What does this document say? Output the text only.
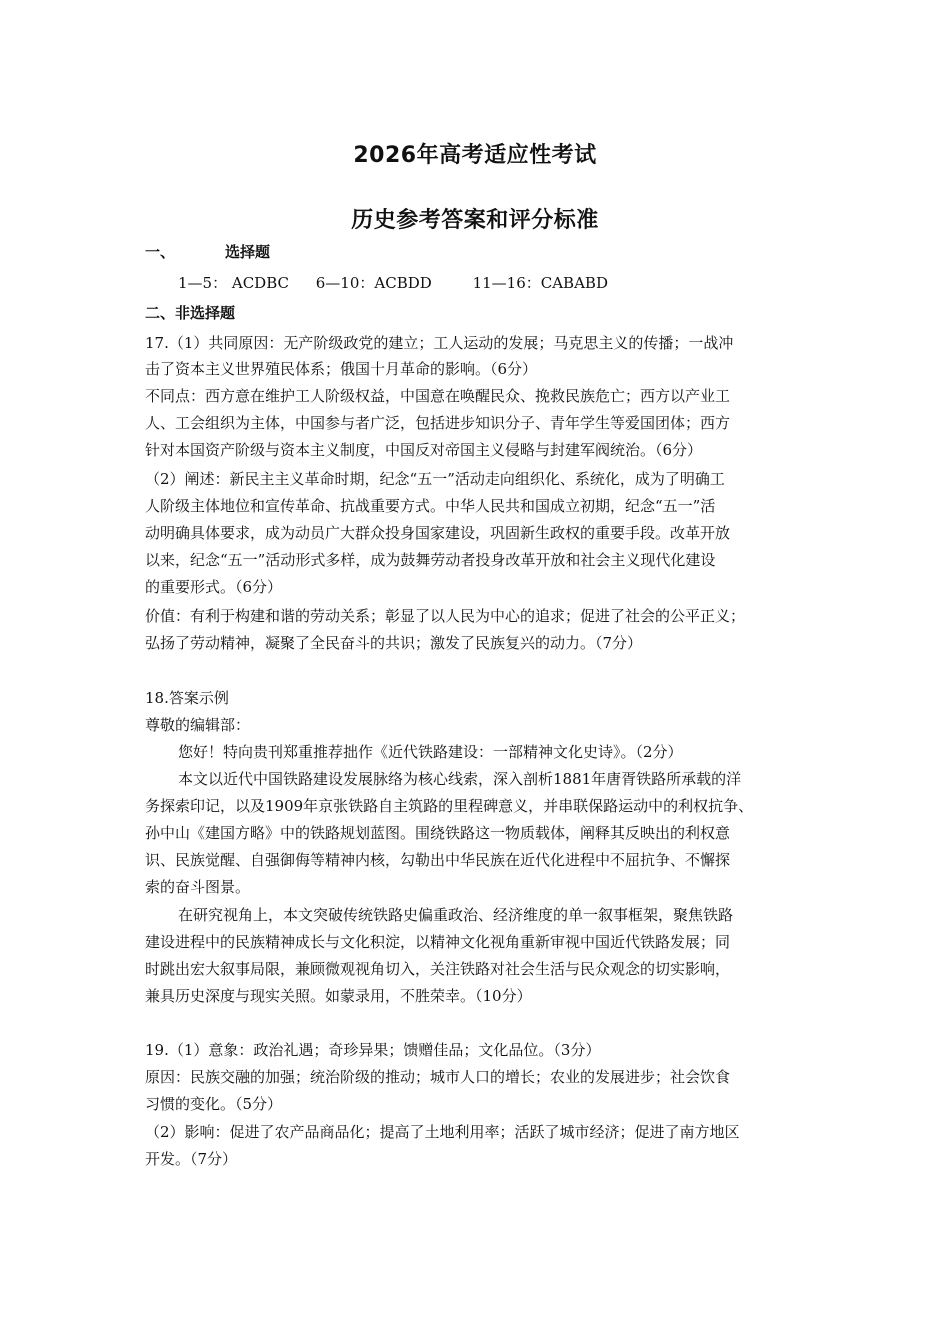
2026年高考适应性考试
历史参考答案和评分标准
一、	选择题
1—5： ACDBC 6—10：ACBDD	11—16：CABABD
二、非选择题
17.（1）共同原因：无产阶级政党的建立；工人运动的发展；马克思主义的传播；一战冲
击了资本主义世界殖民体系；俄国十月革命的影响。（6分）
不同点：西方意在维护工人阶级权益，中国意在唤醒民众、挽救民族危亡；西方以产业工
人、工会组织为主体，中国参与者广泛，包括进步知识分子、青年学生等爱国团体；西方
针对本国资产阶级与资本主义制度，中国反对帝国主义侵略与封建军阀统治。（6分）
（2）阐述：新民主主义革命时期，纪念“五一”活动走向组织化、系统化，成为了明确工
人阶级主体地位和宣传革命、抗战重要方式。中华人民共和国成立初期，纪念“五一”活
动明确具体要求，成为动员广大群众投身国家建设，巩固新生政权的重要手段。改革开放
以来，纪念“五一”活动形式多样，成为鼓舞劳动者投身改革开放和社会主义现代化建设
的重要形式。（6分）
价值：有利于构建和谐的劳动关系；彰显了以人民为中心的追求；促进了社会的公平正义；
弘扬了劳动精神，凝聚了全民奋斗的共识；激发了民族复兴的动力。（7分）
18.答案示例
尊敬的编辑部：
您好！特向贵刊郑重推荐拙作《近代铁路建设：一部精神文化史诗》。（2分）
本文以近代中国铁路建设发展脉络为核心线索，深入剖析1881年唐胥铁路所承载的洋
务探索印记，以及1909年京张铁路自主筑路的里程碑意义，并串联保路运动中的利权抗争、
孙中山《建国方略》中的铁路规划蓝图。围绕铁路这一物质载体，阐释其反映出的利权意
识、民族觉醒、自强御侮等精神内核，勾勒出中华民族在近代化进程中不屈抗争、不懈探
索的奋斗图景。
在研究视角上，本文突破传统铁路史偏重政治、经济维度的单一叙事框架，聚焦铁路
建设进程中的民族精神成长与文化积淀，以精神文化视角重新审视中国近代铁路发展；同
时跳出宏大叙事局限，兼顾微观视角切入，关注铁路对社会生活与民众观念的切实影响，
兼具历史深度与现实关照。如蒙录用，不胜荣幸。（10分）
19.（1）意象：政治礼遇；奇珍异果；馈赠佳品；文化品位。（3分）
原因：民族交融的加强；统治阶级的推动；城市人口的增长；农业的发展进步；社会饮食
习惯的变化。（5分）
（2）影响：促进了农产品商品化；提高了土地利用率；活跃了城市经济；促进了南方地区
开发。（7分）
